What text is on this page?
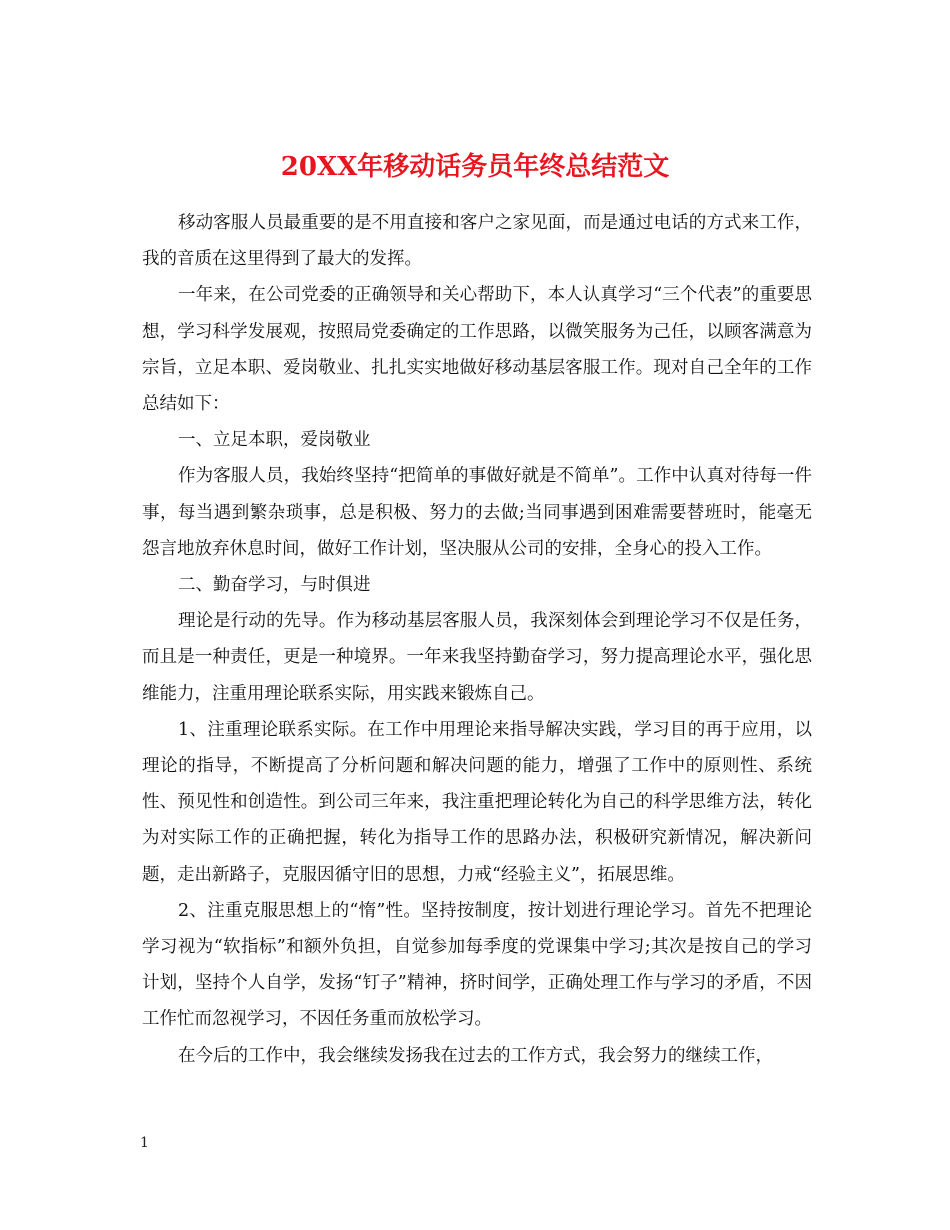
20XX年移动话务员年终总结范文

移动客服人员最重要的是不用直接和客户之家见面，而是通过电话的方式来工作，我的音质在这里得到了最大的发挥。

一年来，在公司党委的正确领导和关心帮助下，本人认真学习“三个代表”的重要思想，学习科学发展观，按照局党委确定的工作思路，以微笑服务为己任，以顾客满意为宗旨，立足本职、爱岗敬业、扎扎实实地做好移动基层客服工作。现对自己全年的工作总结如下：

一、立足本职，爱岗敬业

作为客服人员，我始终坚持“把简单的事做好就是不简单”。工作中认真对待每一件事，每当遇到繁杂琐事，总是积极、努力的去做;当同事遇到困难需要替班时，能毫无怨言地放弃休息时间，做好工作计划，坚决服从公司的安排，全身心的投入工作。

二、勤奋学习，与时俱进

理论是行动的先导。作为移动基层客服人员，我深刻体会到理论学习不仅是任务，而且是一种责任，更是一种境界。一年来我坚持勤奋学习，努力提高理论水平，强化思维能力，注重用理论联系实际，用实践来锻炼自己。

1、注重理论联系实际。在工作中用理论来指导解决实践，学习目的再于应用，以理论的指导，不断提高了分析问题和解决问题的能力，增强了工作中的原则性、系统性、预见性和创造性。到公司三年来，我注重把理论转化为自己的科学思维方法，转化为对实际工作的正确把握，转化为指导工作的思路办法，积极研究新情况，解决新问题，走出新路子，克服因循守旧的思想，力戒“经验主义”，拓展思维。

2、注重克服思想上的“惰”性。坚持按制度，按计划进行理论学习。首先不把理论学习视为“软指标”和额外负担，自觉参加每季度的党课集中学习;其次是按自己的学习计划，坚持个人自学，发扬“钉子”精神，挤时间学，正确处理工作与学习的矛盾，不因工作忙而忽视学习，不因任务重而放松学习。

在今后的工作中，我会继续发扬我在过去的工作方式，我会努力的继续工作，

1
